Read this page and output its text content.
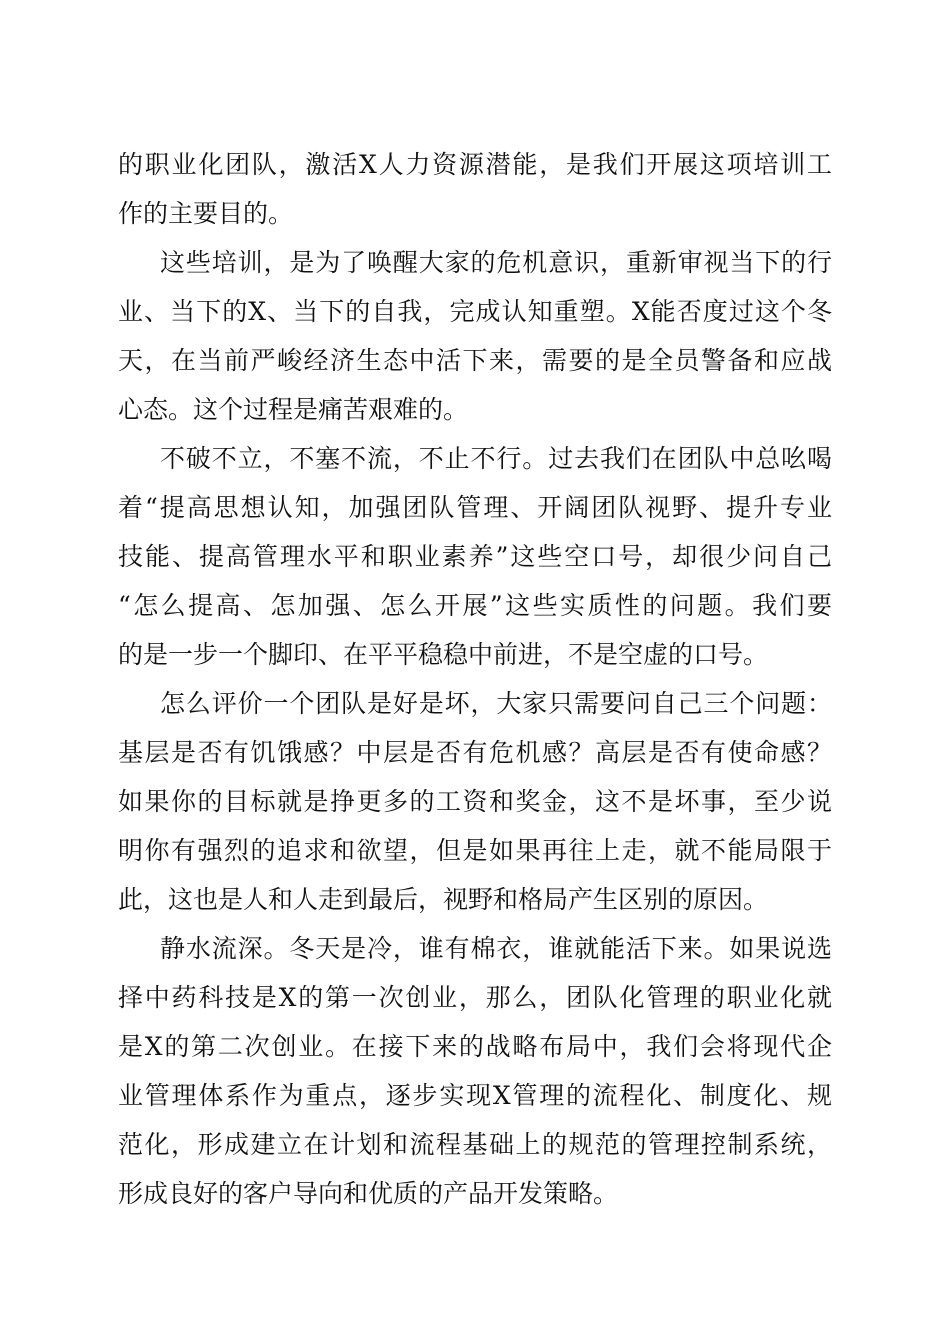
的职业化团队，激活X人力资源潜能，是我们开展这项培训工
作的主要目的。
这些培训，是为了唤醒大家的危机意识，重新审视当下的行
业、当下的X、当下的自我，完成认知重塑。X能否度过这个冬
天，在当前严峻经济生态中活下来，需要的是全员警备和应战
心态。这个过程是痛苦艰难的。
不破不立，不塞不流，不止不行。过去我们在团队中总吆喝
着“提高思想认知，加强团队管理、开阔团队视野、提升专业
技能、提高管理水平和职业素养”这些空口号，却很少问自己
“怎么提高、怎加强、怎么开展”这些实质性的问题。我们要
的是一步一个脚印、在平平稳稳中前进，不是空虚的口号。
怎么评价一个团队是好是坏，大家只需要问自己三个问题：
基层是否有饥饿感？中层是否有危机感？高层是否有使命感？
如果你的目标就是挣更多的工资和奖金，这不是坏事，至少说
明你有强烈的追求和欲望，但是如果再往上走，就不能局限于
此，这也是人和人走到最后，视野和格局产生区别的原因。
静水流深。冬天是冷，谁有棉衣，谁就能活下来。如果说选
择中药科技是X的第一次创业，那么，团队化管理的职业化就
是X的第二次创业。在接下来的战略布局中，我们会将现代企
业管理体系作为重点，逐步实现X管理的流程化、制度化、规
范化，形成建立在计划和流程基础上的规范的管理控制系统，
形成良好的客户导向和优质的产品开发策略。
